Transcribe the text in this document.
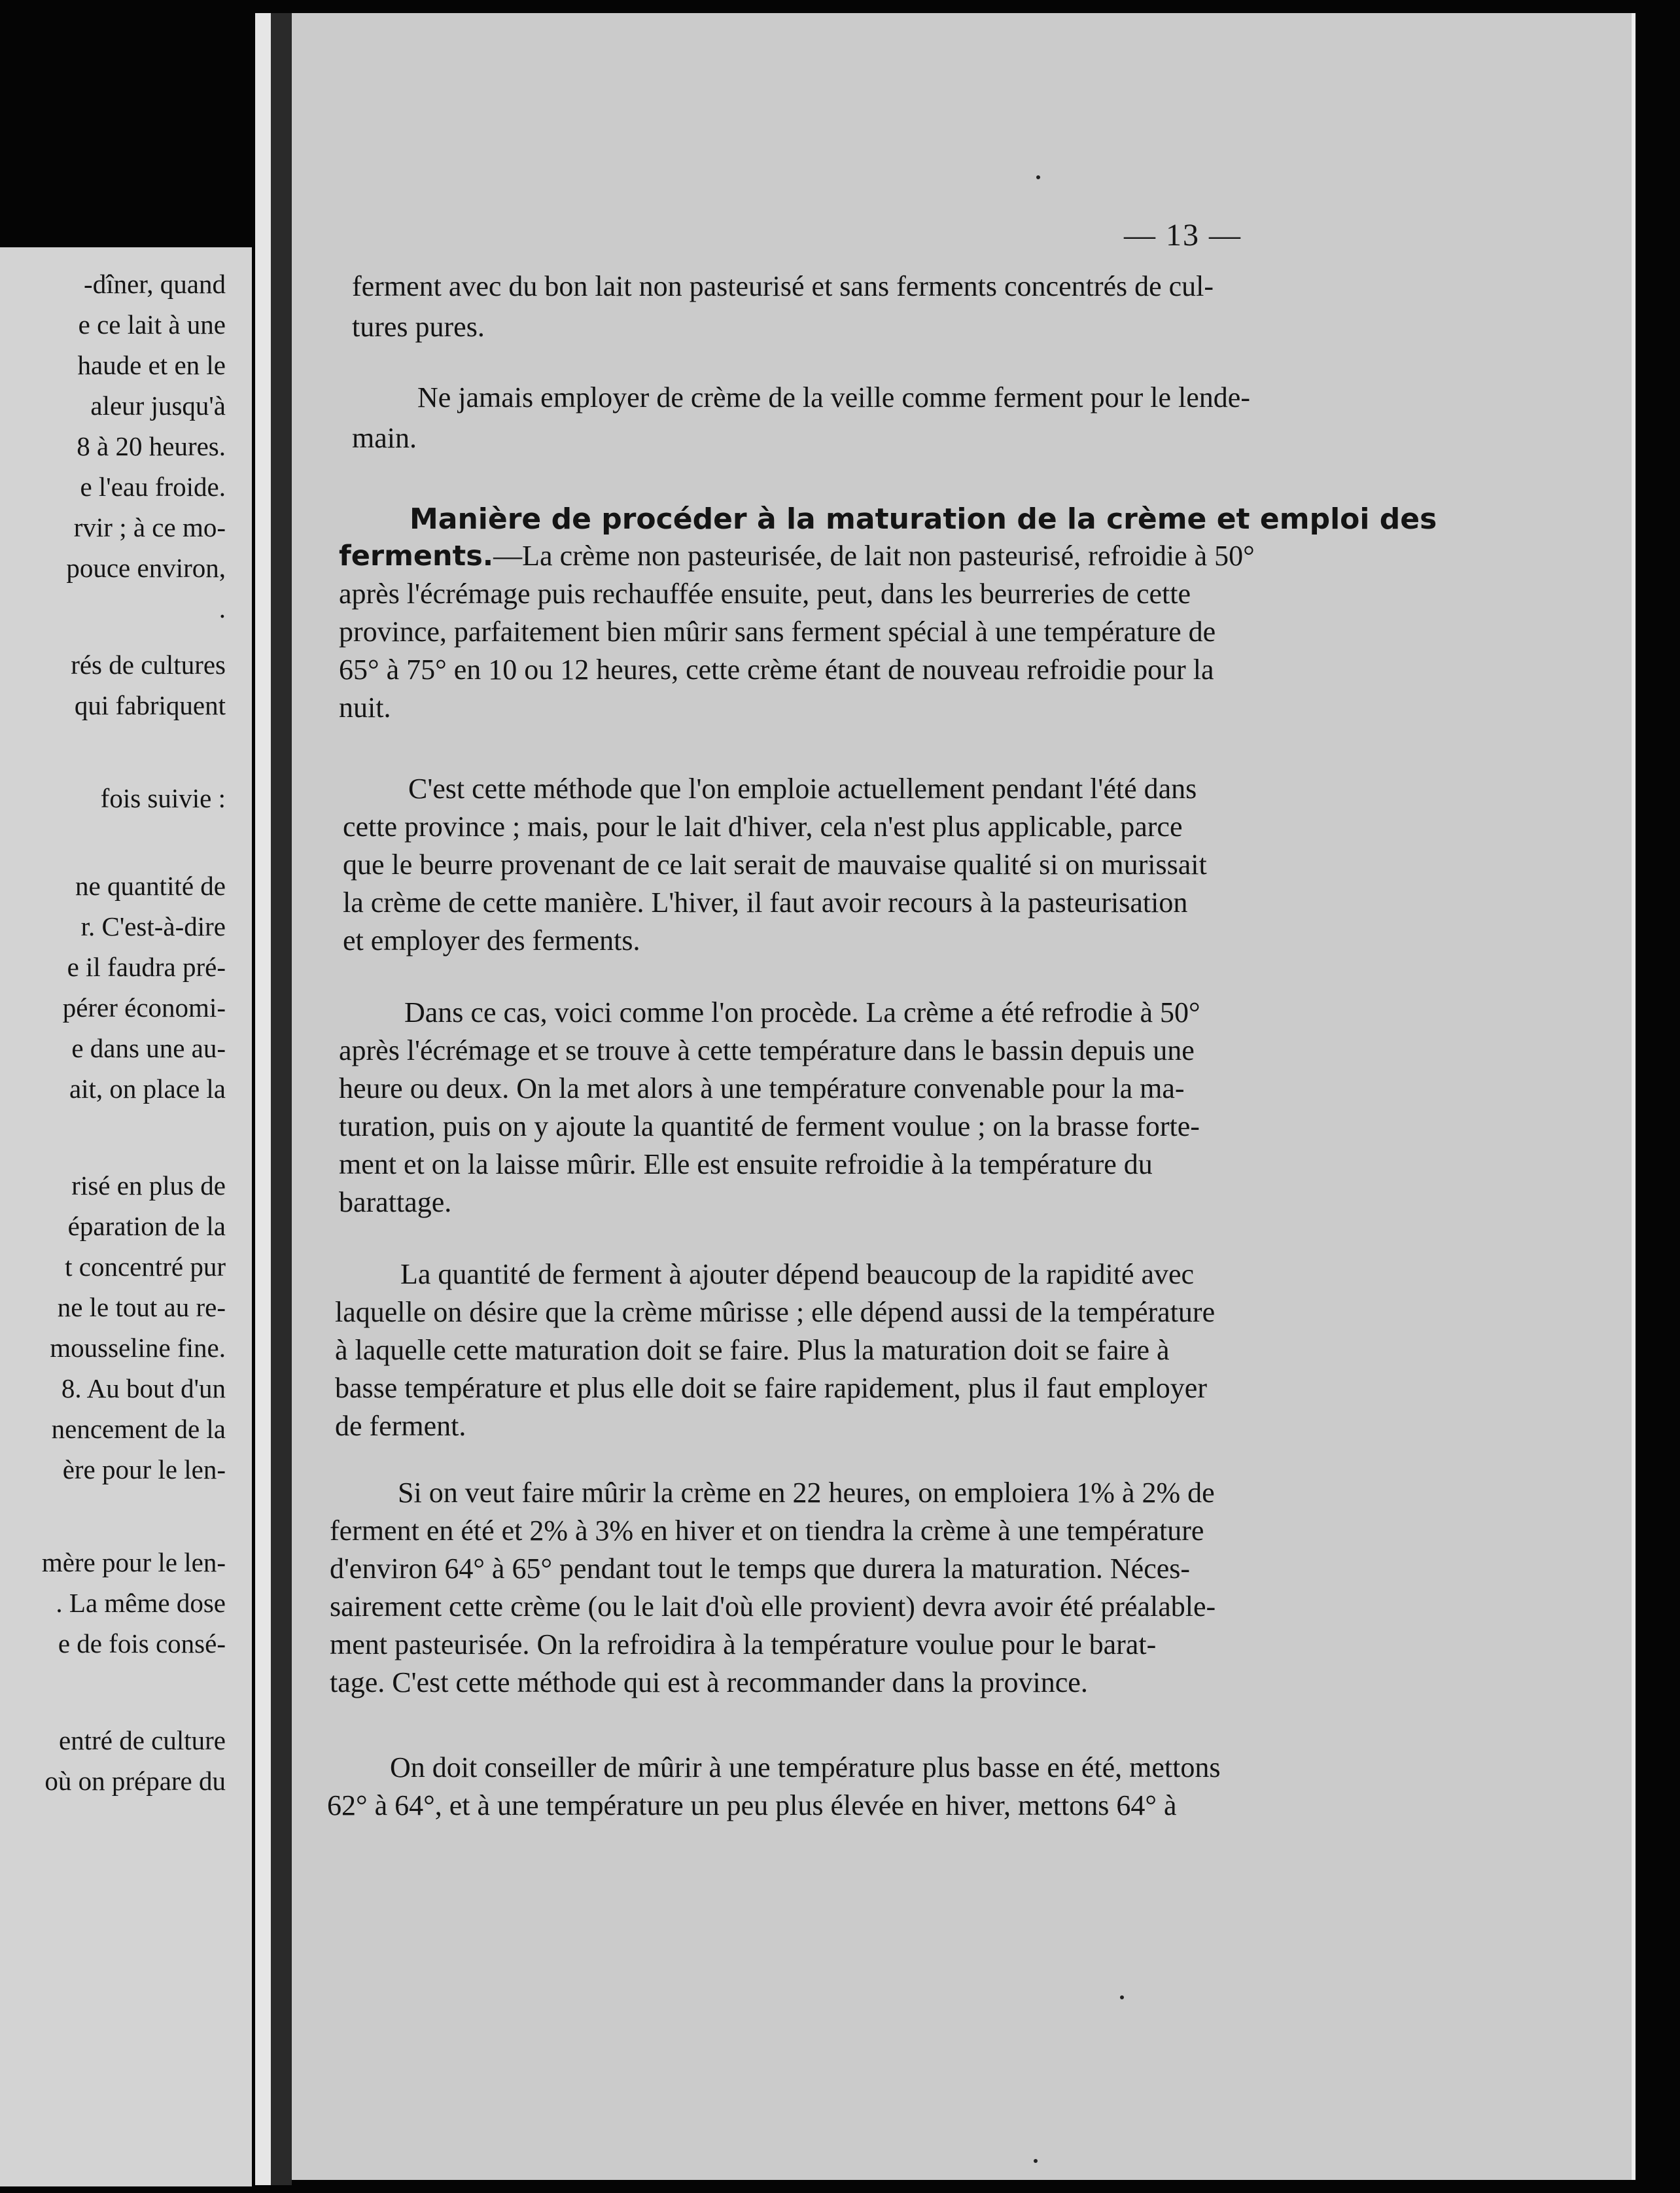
-dîner, quand
e ce lait à une
haude et en le
aleur jusqu'à
8 à 20 heures.
e l'eau froide.
rvir ; à ce mo-
pouce environ,
.
rés de cultures
qui fabriquent
fois suivie :
ne quantité de
r. C'est-à-dire
e il faudra pré-
pérer économi-
e dans une au-
ait, on place la
risé en plus de
éparation de la
t concentré pur
ne le tout au re-
mousseline fine.
8. Au bout d'un
nencement de la
ère pour le len-
mère pour le len-
. La même dose
e de fois consé-
entré de culture
où on prépare du
— 13 —
ferment avec du bon lait non pasteurisé et sans ferments concentrés de cul-
tures pures.
Ne jamais employer de crème de la veille comme ferment pour le lende-
main.
Manière de procéder à la maturation de la crème et emploi des
ferments.—La crème non pasteurisée, de lait non pasteurisé, refroidie à 50°
après l'écrémage puis rechauffée ensuite, peut, dans les beurreries de cette
province, parfaitement bien mûrir sans ferment spécial à une température de
65° à 75° en 10 ou 12 heures, cette crème étant de nouveau refroidie pour la
nuit.
C'est cette méthode que l'on emploie actuellement pendant l'été dans
cette province ; mais, pour le lait d'hiver, cela n'est plus applicable, parce
que le beurre provenant de ce lait serait de mauvaise qualité si on murissait
la crème de cette manière. L'hiver, il faut avoir recours à la pasteurisation
et employer des ferments.
Dans ce cas, voici comme l'on procède. La crème a été refrodie à 50°
après l'écrémage et se trouve à cette température dans le bassin depuis une
heure ou deux. On la met alors à une température convenable pour la ma-
turation, puis on y ajoute la quantité de ferment voulue ; on la brasse forte-
ment et on la laisse mûrir. Elle est ensuite refroidie à la température du
barattage.
La quantité de ferment à ajouter dépend beaucoup de la rapidité avec
laquelle on désire que la crème mûrisse ; elle dépend aussi de la température
à laquelle cette maturation doit se faire. Plus la maturation doit se faire à
basse température et plus elle doit se faire rapidement, plus il faut employer
de ferment.
Si on veut faire mûrir la crème en 22 heures, on emploiera 1% à 2% de
ferment en été et 2% à 3% en hiver et on tiendra la crème à une température
d'environ 64° à 65° pendant tout le temps que durera la maturation. Néces-
sairement cette crème (ou le lait d'où elle provient) devra avoir été préalable-
ment pasteurisée. On la refroidira à la température voulue pour le barat-
tage. C'est cette méthode qui est à recommander dans la province.
On doit conseiller de mûrir à une température plus basse en été, mettons
62° à 64°, et à une température un peu plus élevée en hiver, mettons 64° à
